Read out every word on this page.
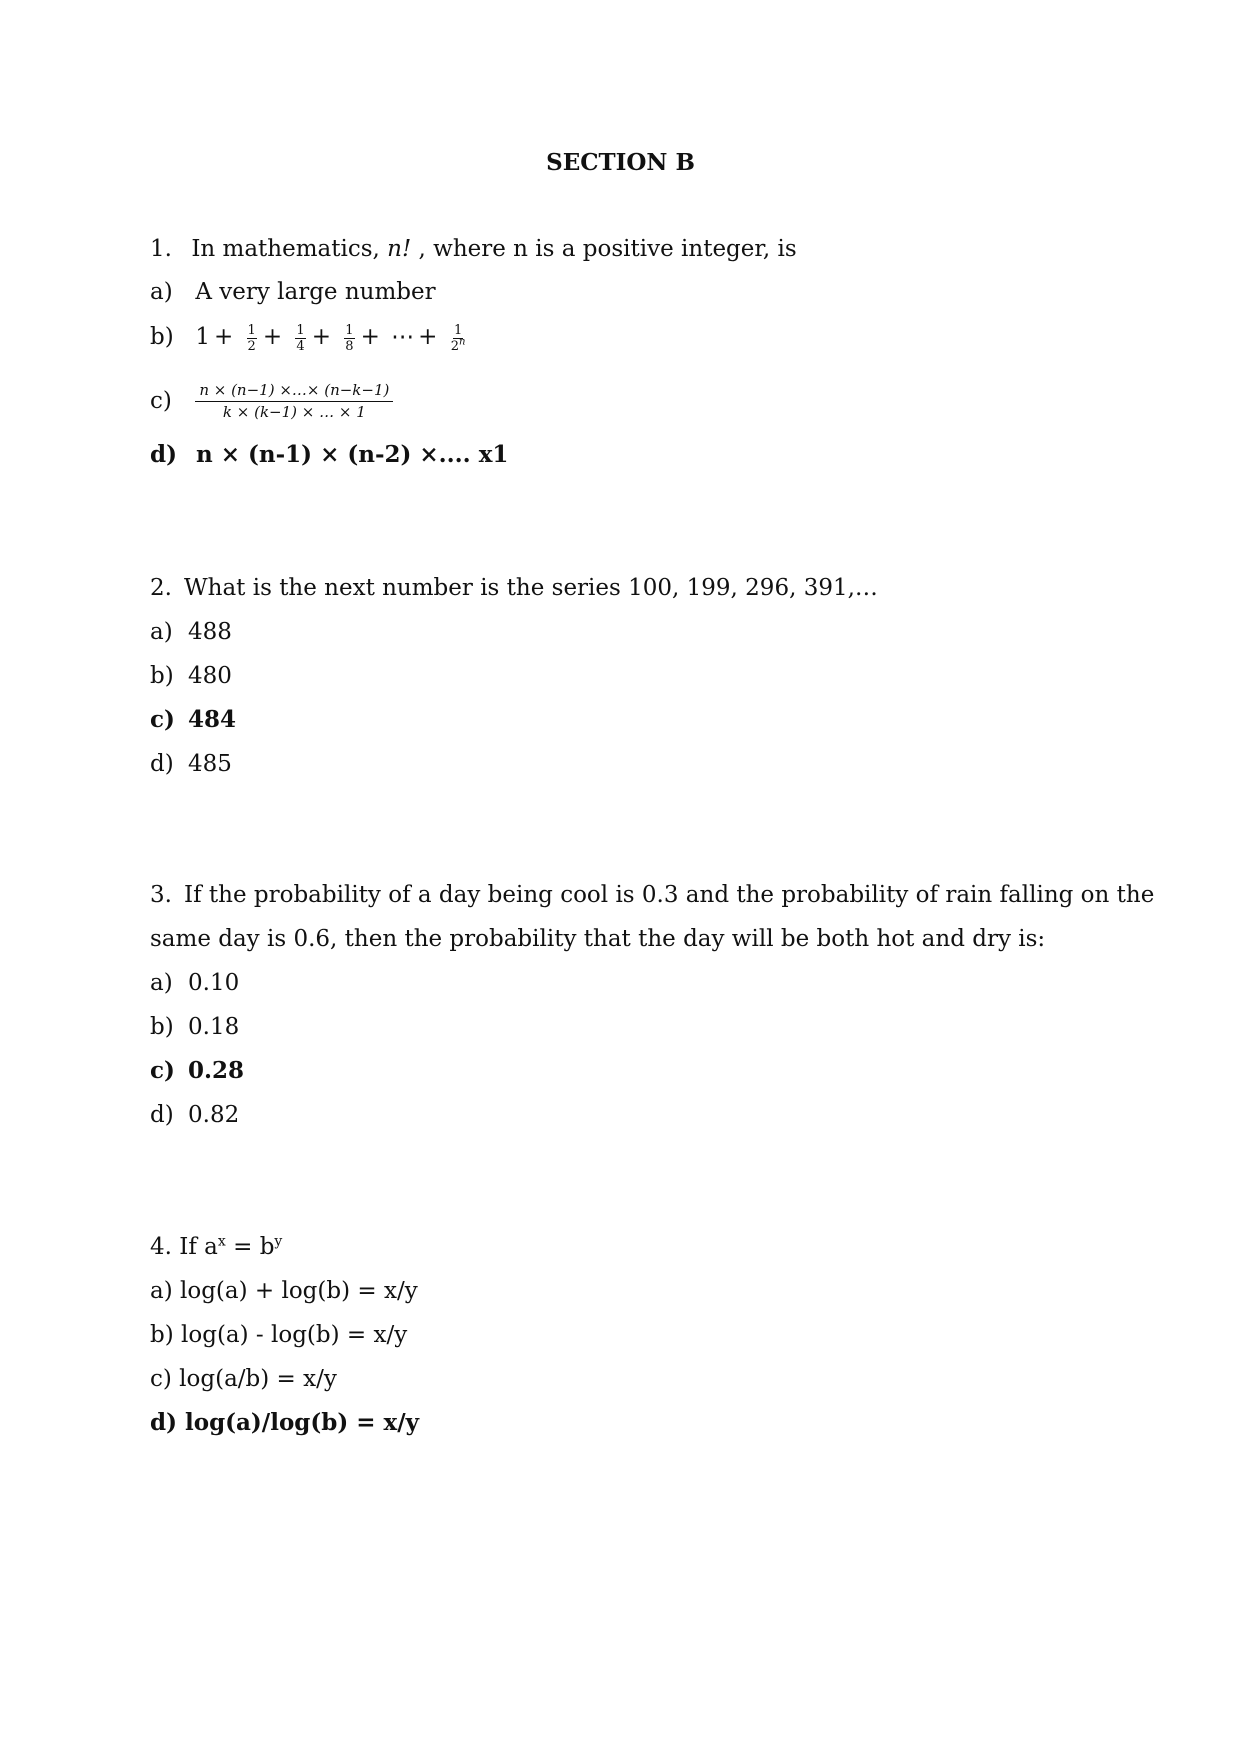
SECTION B
1. In mathematics, n! , where n is a positive integer, is
a) A very large number
b) $1 + \frac{1}{2} + \frac{1}{4} + \frac{1}{8}$ + ⋯ + $\frac{1}{2^n}$
$c) \frac{n \times (n-1) \times\dots\times (n-k-1)}{k \times (k-1) \times \dots \times 1}$
d) n × (n-1) × (n-2) ×.... x1
2. What is the next number is the series 100, 199, 296, 391,…
a) 488
b) 480
c) 484
d) 485
3. If the probability of a day being cool is 0.3 and the probability of rain falling on the
same day is 0.6, then the probability that the day will be both hot and dry is:
a) 0.10
b) 0.18
c) 0.28
d) 0.82
4. If $a^x = b^y$
a) log(a) + log(b) = x/y
b) log(a) - log(b) = x/y
c) log(a/b) = x/y
d) log(a)/log(b) = x/y
